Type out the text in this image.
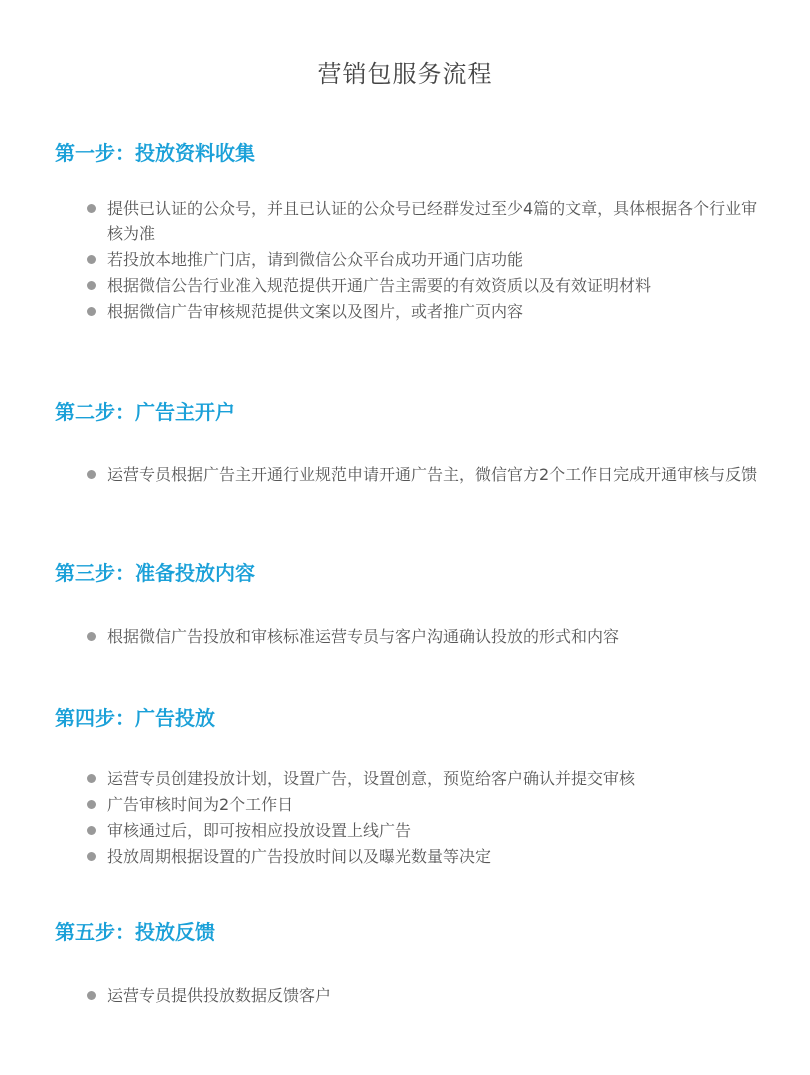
营销包服务流程
第一步：投放资料收集
提供已认证的公众号，并且已认证的公众号已经群发过至少4篇的文章，具体根据各个行业审核为准
若投放本地推广门店，请到微信公众平台成功开通门店功能
根据微信公告行业准入规范提供开通广告主需要的有效资质以及有效证明材料
根据微信广告审核规范提供文案以及图片，或者推广页内容
第二步：广告主开户
运营专员根据广告主开通行业规范申请开通广告主，微信官方2个工作日完成开通审核与反馈
第三步：准备投放内容
根据微信广告投放和审核标准运营专员与客户沟通确认投放的形式和内容
第四步：广告投放
运营专员创建投放计划，设置广告，设置创意，预览给客户确认并提交审核
广告审核时间为2个工作日
审核通过后，即可按相应投放设置上线广告
投放周期根据设置的广告投放时间以及曝光数量等决定
第五步：投放反馈
运营专员提供投放数据反馈客户
